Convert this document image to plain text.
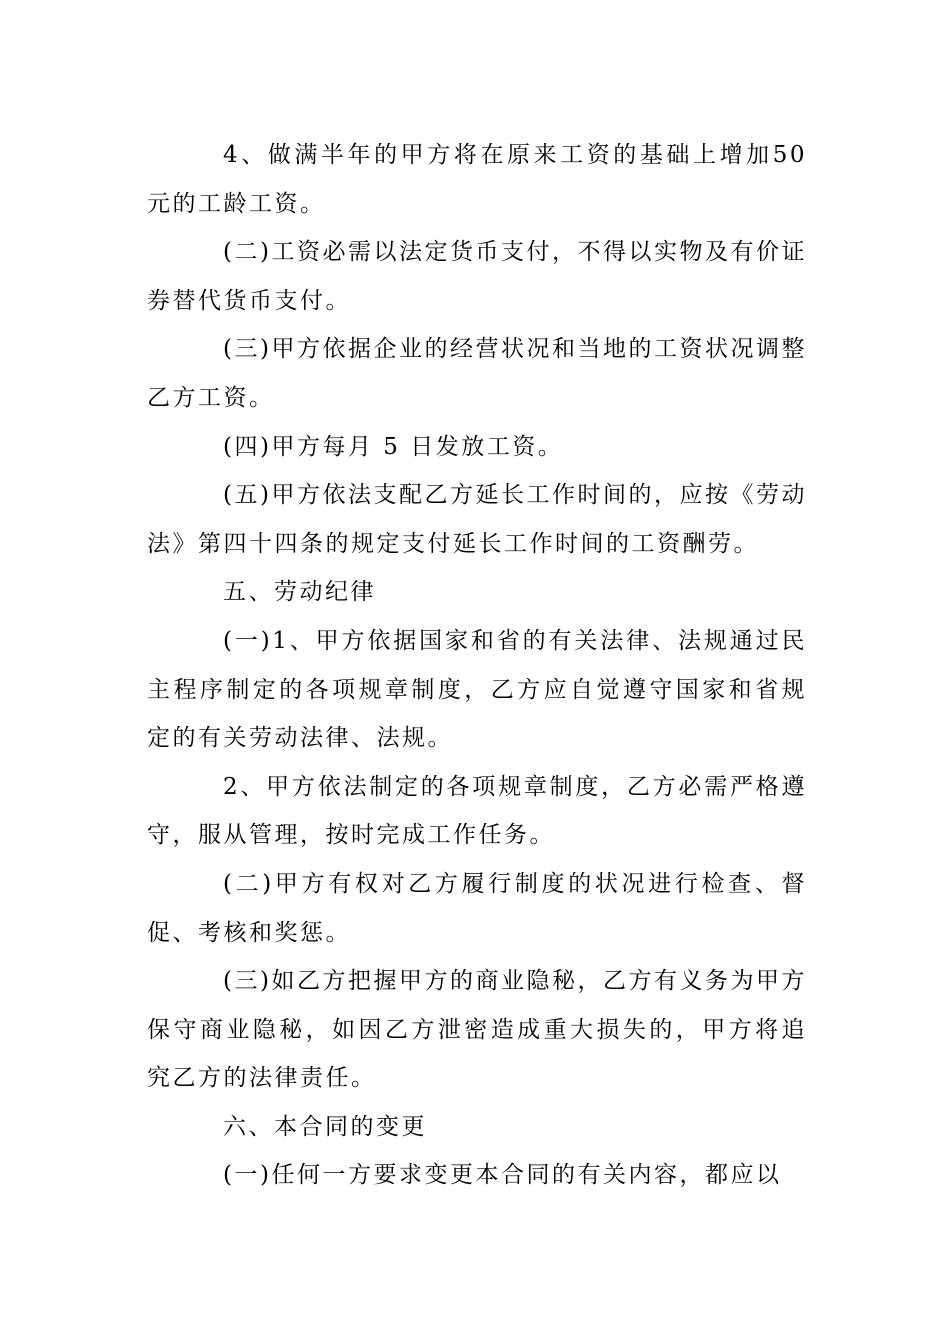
4、做满半年的甲方将在原来工资的基础上增加50元的工龄工资。

(二)工资必需以法定货币支付，不得以实物及有价证券替代货币支付。

(三)甲方依据企业的经营状况和当地的工资状况调整乙方工资。

(四)甲方每月 5 日发放工资。

(五)甲方依法支配乙方延长工作时间的，应按《劳动法》第四十四条的规定支付延长工作时间的工资酬劳。

五、劳动纪律

(一)1、甲方依据国家和省的有关法律、法规通过民主程序制定的各项规章制度，乙方应自觉遵守国家和省规定的有关劳动法律、法规。

2、甲方依法制定的各项规章制度，乙方必需严格遵守，服从管理，按时完成工作任务。

(二)甲方有权对乙方履行制度的状况进行检查、督促、考核和奖惩。

(三)如乙方把握甲方的商业隐秘，乙方有义务为甲方保守商业隐秘，如因乙方泄密造成重大损失的，甲方将追究乙方的法律责任。

六、本合同的变更

(一)任何一方要求变更本合同的有关内容，都应以
